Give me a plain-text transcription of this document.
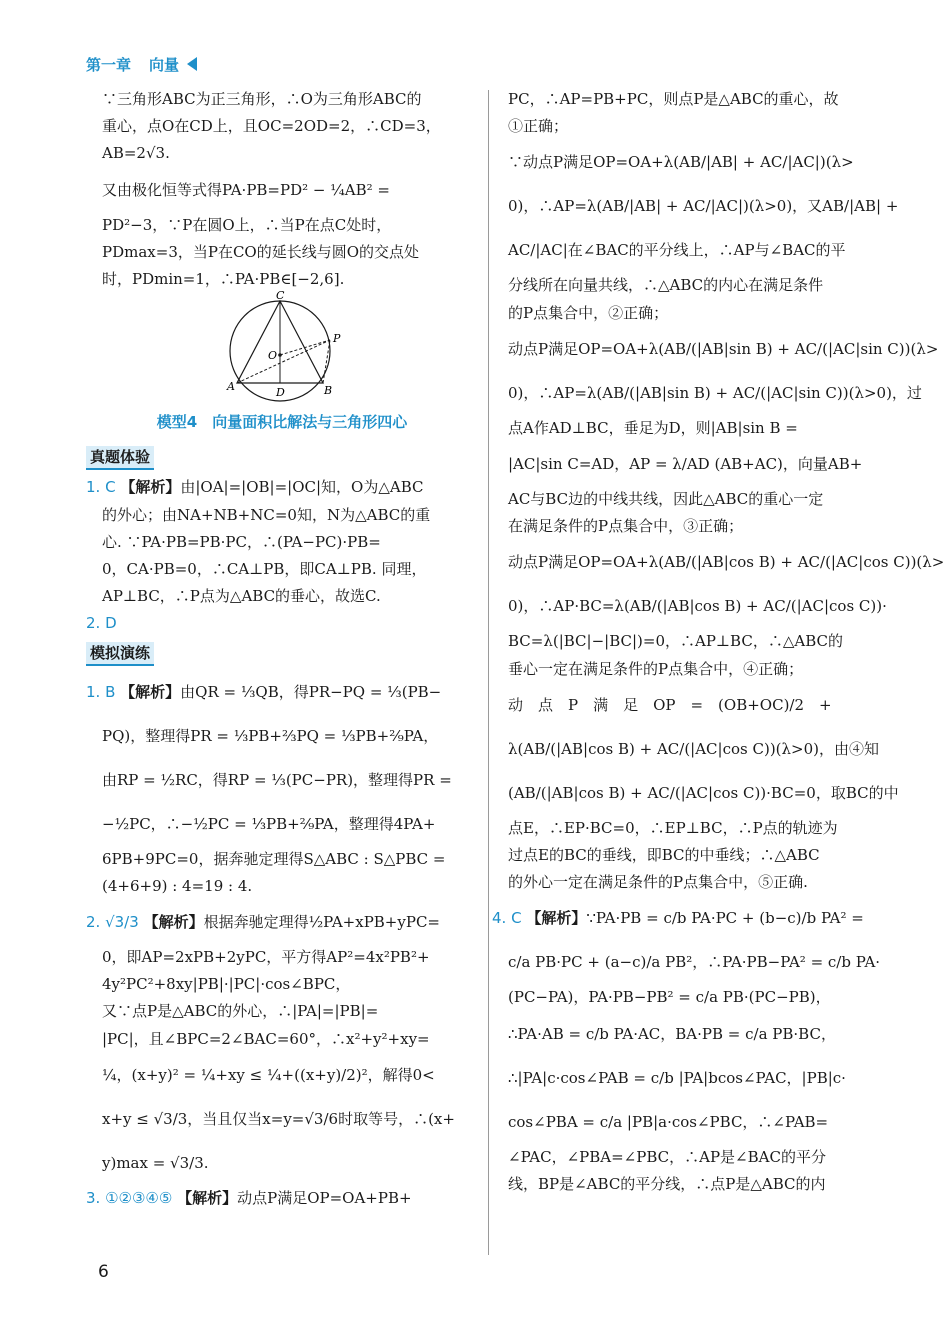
第一章 向量
∵三角形ABC为正三角形，∴O为三角形ABC的
重心，点O在CD上，且OC=2OD=2，∴CD=3，
AB=2√3.
又由极化恒等式得PA·PB=PD² − ¼AB² =
PD²−3，∵P在圆O上，∴当P在点C处时，
PDmax=3，当P在CO的延长线与圆O的交点处
时，PDmin=1，∴PA·PB∈[−2,6].
C
O
P
A	D	B
模型4　向量面积比解法与三角形四心
真题体验
1. C 【解析】由|OA|=|OB|=|OC|知，O为△ABC
的外心；由NA+NB+NC=0知，N为△ABC的重
心. ∵PA·PB=PB·PC，∴(PA−PC)·PB=
0，CA·PB=0，∴CA⊥PB，即CA⊥PB. 同理，
AP⊥BC，∴P点为△ABC的垂心，故选C.
2. D
模拟演练
1. B 【解析】由QR = ⅓QB，得PR−PQ = ⅓(PB−
PQ)，整理得PR = ⅓PB+⅔PQ = ⅓PB+²⁄₉PA，
由RP = ½RC，得RP = ⅓(PC−PR)，整理得PR =
−½PC，∴−½PC = ⅓PB+²⁄₉PA，整理得4PA+
6PB+9PC=0，据奔驰定理得S△ABC : S△PBC =
(4+6+9) : 4=19 : 4.
2. √3/3 【解析】根据奔驰定理得½PA+xPB+yPC=
0，即AP=2xPB+2yPC，平方得AP²=4x²PB²+
4y²PC²+8xy|PB|·|PC|·cos∠BPC，
又∵点P是△ABC的外心，∴|PA|=|PB|=
|PC|，且∠BPC=2∠BAC=60°，∴x²+y²+xy=
¼，(x+y)² = ¼+xy ≤ ¼+((x+y)/2)²，解得0<
x+y ≤ √3/3，当且仅当x=y=√3/6时取等号，∴(x+
y)max = √3/3.
3. ①②③④⑤ 【解析】动点P满足OP=OA+PB+
PC，∴AP=PB+PC，则点P是△ABC的重心，故
①正确；
∵动点P满足OP=OA+λ(AB/|AB| + AC/|AC|)(λ>
0)，∴AP=λ(AB/|AB| + AC/|AC|)(λ>0)，又AB/|AB| +
AC/|AC|在∠BAC的平分线上，∴AP与∠BAC的平
分线所在向量共线，∴△ABC的内心在满足条件
的P点集合中，②正确；
动点P满足OP=OA+λ(AB/(|AB|sin B) + AC/(|AC|sin C))(λ>
0)，∴AP=λ(AB/(|AB|sin B) + AC/(|AC|sin C))(λ>0)，过
点A作AD⊥BC，垂足为D，则|AB|sin B =
|AC|sin C=AD，AP = λ/AD (AB+AC)，向量AB+
AC与BC边的中线共线，因此△ABC的重心一定
在满足条件的P点集合中，③正确；
动点P满足OP=OA+λ(AB/(|AB|cos B) + AC/(|AC|cos C))(λ>
0)，∴AP·BC=λ(AB/(|AB|cos B) + AC/(|AC|cos C))·
BC=λ(|BC|−|BC|)=0，∴AP⊥BC，∴△ABC的
垂心一定在满足条件的P点集合中，④正确；
动　点　P　满　足　OP　=　(OB+OC)/2　+
λ(AB/(|AB|cos B) + AC/(|AC|cos C))(λ>0)，由④知
(AB/(|AB|cos B) + AC/(|AC|cos C))·BC=0，取BC的中
点E，∴EP·BC=0，∴EP⊥BC，∴P点的轨迹为
过点E的BC的垂线，即BC的中垂线；∴△ABC
的外心一定在满足条件的P点集合中，⑤正确.
4. C 【解析】∵PA·PB = c/b PA·PC + (b−c)/b PA² =
c/a PB·PC + (a−c)/a PB²，∴PA·PB−PA² = c/b PA·
(PC−PA)，PA·PB−PB² = c/a PB·(PC−PB)，
∴PA·AB = c/b PA·AC，BA·PB = c/a PB·BC，
∴|PA|c·cos∠PAB = c/b |PA|bcos∠PAC，|PB|c·
cos∠PBA = c/a |PB|a·cos∠PBC，∴∠PAB=
∠PAC，∠PBA=∠PBC，∴AP是∠BAC的平分
线，BP是∠ABC的平分线，∴点P是△ABC的内
6
